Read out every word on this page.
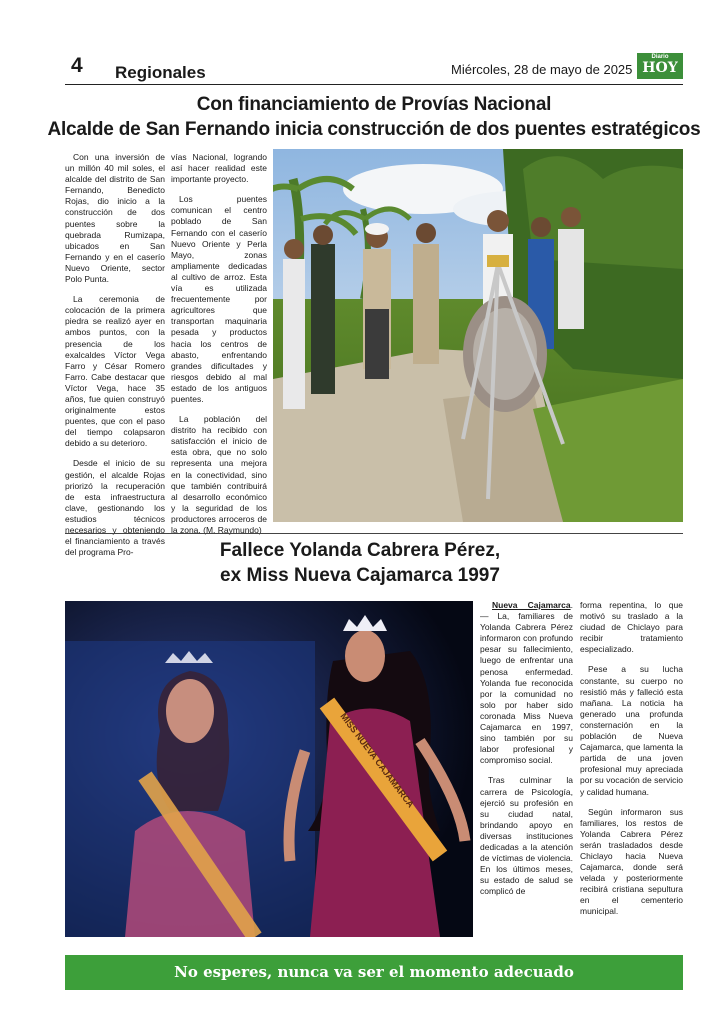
4 Regionales	Miércoles, 28 de mayo de 2025
Diario
HOY
Con financiamiento de Provías Nacional
Alcalde de San Fernando inicia construcción de dos puentes estratégicos

Con una inversión de un millón 40 mil soles, el alcalde del distrito de San Fernando, Benedicto Rojas, dio inicio a la construcción de dos puentes sobre la quebrada Rumizapa, ubicados en San Fernando y en el caserío Nuevo Oriente, sector Polo Punta.

La ceremonia de colocación de la primera piedra se realizó ayer en ambos puntos, con la presencia de los exalcaldes Víctor Vega Farro y César Romero Farro. Cabe destacar que Víctor Vega, hace 35 años, fue quien construyó originalmente estos puentes, que con el paso del tiempo colapsaron debido a su deterioro.

Desde el inicio de su gestión, el alcalde Rojas priorizó la recuperación de esta infraestructura clave, gestionando los estudios técnicos necesarios y obteniendo el financiamiento a través del programa Pro-

vías Nacional, logrando así hacer realidad este importante proyecto.

Los puentes comunican el centro poblado de San Fernando con el caserío Nuevo Oriente y Perla Mayo, zonas ampliamente dedicadas al cultivo de arroz. Esta vía es utilizada frecuentemente por agricultores que transportan maquinaria pesada y productos hacia los centros de abasto, enfrentando grandes dificultades y riesgos debido al mal estado de los antiguos puentes.

La población del distrito ha recibido con satisfacción el inicio de esta obra, que no solo representa una mejora en la conectividad, sino que también contribuirá al desarrollo económico y la seguridad de los productores arroceros de la zona. (M. Raymundo)

Fallece Yolanda Cabrera Pérez,
ex Miss Nueva Cajamarca 1997
MISS NUEVA CAJAMARCA

Nueva Cajamarca. — La, familiares de Yolanda Cabrera Pérez informaron con profundo pesar su fallecimiento, luego de enfrentar una penosa enfermedad. Yolanda fue reconocida por la comunidad no solo por haber sido coronada Miss Nueva Cajamarca en 1997, sino también por su labor profesional y compromiso social.

Tras culminar la carrera de Psicología, ejerció su profesión en su ciudad natal, brindando apoyo en diversas instituciones dedicadas a la atención de víctimas de violencia. En los últimos meses, su estado de salud se complicó de

forma repentina, lo que motivó su traslado a la ciudad de Chiclayo para recibir tratamiento especializado.

Pese a su lucha constante, su cuerpo no resistió más y falleció esta mañana. La noticia ha generado una profunda consternación en la población de Nueva Cajamarca, que lamenta la partida de una joven profesional muy apreciada por su vocación de servicio y calidad humana.

Según informaron sus familiares, los restos de Yolanda Cabrera Pérez serán trasladados desde Chiclayo hacia Nueva Cajamarca, donde será velada y posteriormente recibirá cristiana sepultura en el cementerio municipal.

No esperes, nunca va ser el momento adecuado
